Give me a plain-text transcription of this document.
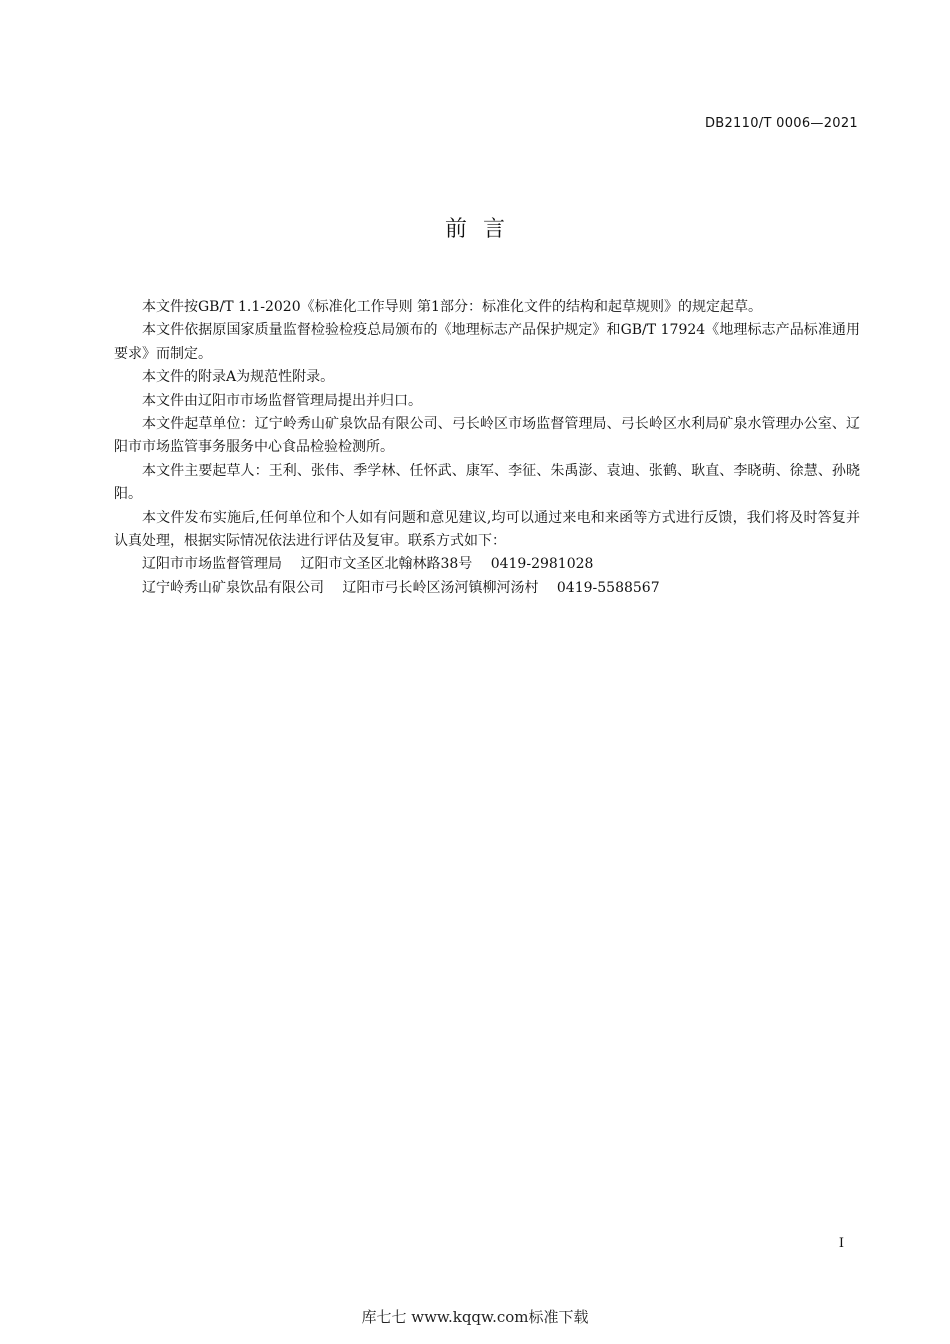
DB2110/T 0006—2021
前言

本文件按GB/T 1.1-2020《标准化工作导则 第1部分：标准化文件的结构和起草规则》的规定起草。

本文件依据原国家质量监督检验检疫总局颁布的《地理标志产品保护规定》和GB/T 17924《地理标志产品标准通用要求》而制定。

本文件的附录A为规范性附录。

本文件由辽阳市市场监督管理局提出并归口。

本文件起草单位：辽宁岭秀山矿泉饮品有限公司、弓长岭区市场监督管理局、弓长岭区水利局矿泉水管理办公室、辽阳市市场监管事务服务中心食品检验检测所。

本文件主要起草人：王利、张伟、季学林、任怀武、康军、李征、朱禹澎、袁迪、张鹤、耿直、李晓萌、徐慧、孙晓阳。

本文件发布实施后,任何单位和个人如有问题和意见建议,均可以通过来电和来函等方式进行反馈，我们将及时答复并认真处理，根据实际情况依法进行评估及复审。联系方式如下：

辽阳市市场监督管理局　 辽阳市文圣区北翰林路38号　 0419-2981028

辽宁岭秀山矿泉饮品有限公司　 辽阳市弓长岭区汤河镇柳河汤村　 0419-5588567

I
库七七 www.kqqw.com标准下载
